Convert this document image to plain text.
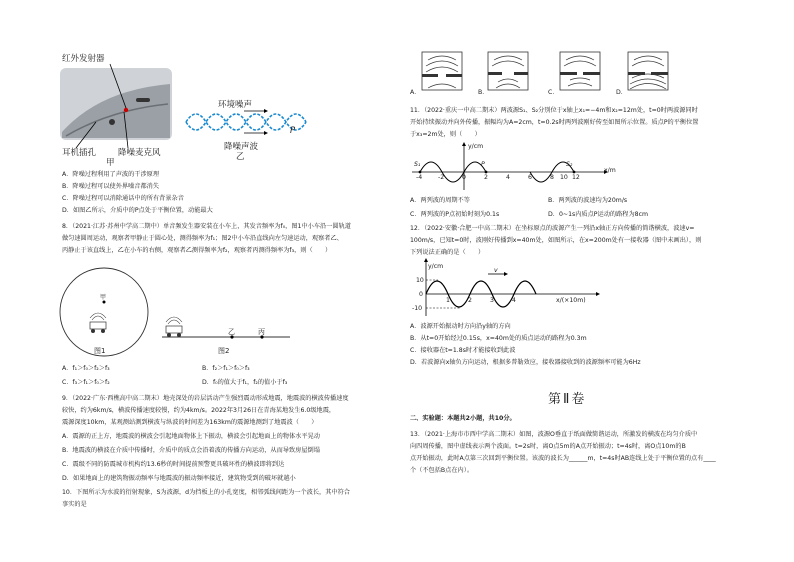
红外发射器
耳机插孔	降噪麦克风
甲
环境噪声
P
降噪声波
乙
A．降噪过程利用了声波的干涉原理
B．降噪过程可以使外界噪音都消失
C．降噪过程可以消除通话中的所有背景杂音
D．如图乙所示，介质中的P点处于平衡位置，动能最大
8．（2021·江苏·苏州中学高二期中）单音频发生器安装在小车上，其发音频率为f₀，图1中小车沿一圆轨道
做匀速圆周运动，观察者甲静止于圆心处，测得频率为f₁；图2中小车沿直线向左匀速运动，观察者乙、
丙静止于该直线上，乙在小车的右侧，观察者乙测得频率为f₂，观察者丙测得频率为f₃，则（　　）
甲
图1
乙	丙
图2
A．f₁＞f₀＞f₂＞f₃	B．f₂＞f₁＞f₀＞f₃
C．f₃＞f₁＞f₀＞f₂	D．f₀的值大于f₁，f₂的值小于f₃
9．（2022·广东·西樵高中高二期末）地壳深处的岩层活动产生强烈震动形成地震，地震波的横波传播速度
较快，约为6km/s，横波传播速度较慢，约为4km/s。2022年3月26日在青海某地发生6.0级地震，
震源深度10km，某观测站测到横波与纵波的时间差为163km的震源地测到了地震波（　　）
A．震源的正上方，地震波的横波会引起地面物体上下振动，横波会引起地面上的物体水平晃动
B．地震波的横波在介质中传播时，介质中的质点会沿着波的传播方向运动，从而导致房屋倒塌
C．震级不同的防震城市机构约13.6秒的时间提前预警更具破坏性的横波即将到达
D．如果地面上的建筑物振动频率与地震波的振动频率接近，建筑物受到的破坏就越小
10．下图所示为水波的衍射现象，S为波源，d为挡板上的小孔宽度，相邻弧线间距为一个波长，其中符合
事实的是
A．	B．	C．	D．
11．（2022·重庆一中高二期末）两波源S₁、S₂分别位于x轴上x₁=−4m和x₂=12m处，t=0时两波源同时
开始持续振动并向外传播，振幅均为A=2cm，t=0.2s时两列波刚好传至如图所示位置。质点P的平衡位置
于x₃=2m处，则（　　）
y/cm
x/m
S₁	S₂
P
-4	-2	0	2	4	6	8 10 12
A．两列波的周期不等	B．两列波的波速均为20m/s
C．两列波的P点初始时刻为0.1s	D．0~1s内质点P运动的路程为8cm
12．（2022·安徽·合肥一中高二期末）在坐标原点的波源产生一列沿x轴正方向传播的简谐横波，波速v=
100m/s，已知t=0时，波刚好传播到x=40m处，如图所示，在x=200m处有一接收器（图中未画出），则
下列说法正确的是（　　）
y/cm
x/(×10m)
v
1	2	3	4
10
0
-10
A．波源开始振动时方向沿y轴的方向
B．从t=0开始经过0.15s，x=40m处的质点运动的路程为0.3m
C．接收器在t=1.8s时才能接收到此波
D．若波源向x轴负方向运动，根据多普勒效应，接收器接收到的波源频率可能为6Hz
第Ⅱ卷
二、实验题：本题共2小题，共10分。
13．（2021·上海市市西中学高二期末）如图，波源O垂直于纸面做简谐运动，所激发的横波在均匀介质中
向四周传播，图中虚线表示两个波面。t=2s时，离O点5m的A点开始振动；t=4s时，离O点10m的B
点开始振动，此时A点第三次回到平衡位置。该波的波长为______m，t=4s时AB连线上处于平衡位置的点有____
个（不包括B点在内）。
